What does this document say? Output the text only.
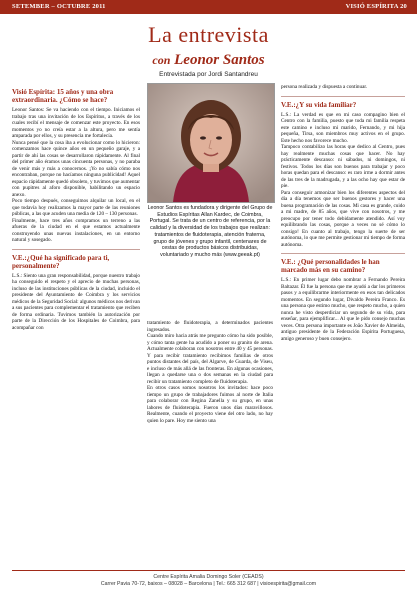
SETEMBER – OCTUBRE 2011	VISIÓ ESPÍRITA 20
La entrevista
con Leonor Santos
Entrevistada por Jordi Santandreu

Visió Espírita: 15 años y una obra extraordinaria. ¿Cómo se hace?

Leonor Santos: Se va haciendo con el tiempo. Iniciamos el trabajo tras una invitación de los Espíritus, a través de los cuales recibí el mensaje de comenzar este proyecto. En esos momentos yo no creía estar a la altura, pero me sentía amparada por ellos, y su presencia me fortalecía.

Nunca pensé que la cosa iba a evolucionar como lo hicieron: comenzamos hace quince años en un pequeño garaje, y a partir de ahí las cosas se desarrollaron rápidamente. Al final del primer año éramos unas cincuenta personas, y no paraba de venir más y más a conocernos. ¡Yo no sabía cómo nos encontraban, porque no hacíamos ninguna publicidad! Aquel espacio rápidamente quedó obsoleto, y tuvimos que aumentar con pupitres al aforo disponible, habilitando un espacio anexo.

Poco tiempo después, conseguimos alquilar un local, en el que todavía hoy realizamos la mayor parte de las reuniones públicas, a las que acuden una media de 120 – 130 personas.

Finalmente, hace tres años compramos un terreno a las afueras de la ciudad en el que estamos actualmente construyendo unas nuevas instalaciones, en un entorno natural y sosegado.

V.E.:¿Qué ha significado para ti, personalmente?

L.S.: Siento una gran responsabilidad, porque nuestro trabajo ha conseguido el respeto y el aprecio de muchas personas, incluso de las instituciones públicas de la ciudad, incluido el presidente del Ayuntamiento de Coimbra y los servicios médicos de la Seguridad Social: algunos médicos nos derivan a sus pacientes para complementar el tratamiento que reciben de forma ordinaria. Tuvimos también la autorización por parte de la Dirección de los Hospitales de Coimbra, para acompañar con

Leonor Santos es fundadora y dirigente del Grupo de Estudios Espíritas Allan Kardec, de Coimbra, Portugal. Se trata de un centro de referencia, por la calidad y la diversidad de los trabajos que realizan: tratamientos de fluidoterapia, atención fraterna, grupo de jóvenes y grupo infantil, centenares de cestas de productos básicos distribuidas, voluntariado y mucho más (www.geeak.pt)

tratamiento de fluidoterapia, a determinados pacientes ingresados.

Cuando miro hacia atrás me pregunto cómo ha sido posible, y cómo tanta gente ha acudido a poner su granito de arena. Actualmente colaboran con nosotros entre 40 y 45 personas. Y para recibir tratamiento recibimos familias de otros puntos distantes del país, del Algarve, de Guarda, de Viseu, e incluso de más allá de las fronteras. En algunas ocasiones, llegan a quedarse una o dos semanas en la ciudad para recibir un tratamiento completo de fluidoterapia.

En otros casos somos nosotros los invitados: hace poco tiempo un grupo de trabajadores fuimos al norte de Italia para colaborar con Regina Zanella y su grupo, en unas labores de fluidoterapia. Fueron unos días maravillosos. Realmente, cuando el proyecto viene del otro lado, no hay quien lo pare. Hoy me siento una

persona realizada y dispuesta a continuar.

V.E.:¿Y su vida familiar?

L.S.: La verdad es que en mi caso compagino bien el Centro con la familia, puesto que toda mi familia respeta este camino e incluso mi marido, Fernando, y mi hija pequeña, Tirsa, son miembros muy activos en el grupo. Este hecho nos favorece mucho.

Tampoco contabilizo las horas que dedico al Centro, pues hay realmente muchas cosas que hacer. No hay prácticamente descanso: ni sábados, ni domingos, ni festivos. Todos los días son buenos para trabajar y poco horas quedan para el descanso: es raro irme a dormir antes de las tres de la madrugada, y a las ocho hay que estar de pie.

Para conseguir armonizar bien los diferentes aspectos del día a día tenemos que ser buenos gestores y hacer una buena programación de las cosas. Mi casa es grande, cuido a mi madre, de 85 años, que vive con nosotros, y me preocupo por tener todo debidamente atendido. Así voy equilibrando las cosas, porque a veces no sé cómo lo consigo! En cuanto al trabajo, tengo la suerte de ser autónoma, lo que me permite gestionar mi tiempo de forma autónoma.

V.E.: ¿Qué personalidades le han marcado más en su camino?

L.S.: En primer lugar debo nombrar a Fernando Pereira Baltazar. Él fue la persona que me ayudó a dar los primeros pasos y a equilibrarme interiormente en esos tan delicados momentos. En segundo lugar, Divaldo Pereira Franco. Es una persona que estimo mucho, que respeto mucho, a quien nunca he visto desperdiciar un segundo de su vida, para enseñar, para ejemplificar... Al que le pido consejo muchas veces. Otra persona importante es João Xavier de Almeida, antiguo presidente de la Federación Espírita Portuguesa, amigo generoso y buen consejero.

Centre Espírita Amalia Domingo Soler (CEADS)
Carrer Pavia 70-72, baixos – 08028 – Barcelona | Tel.: 665 312 687 | visioespirita@gmail.com
